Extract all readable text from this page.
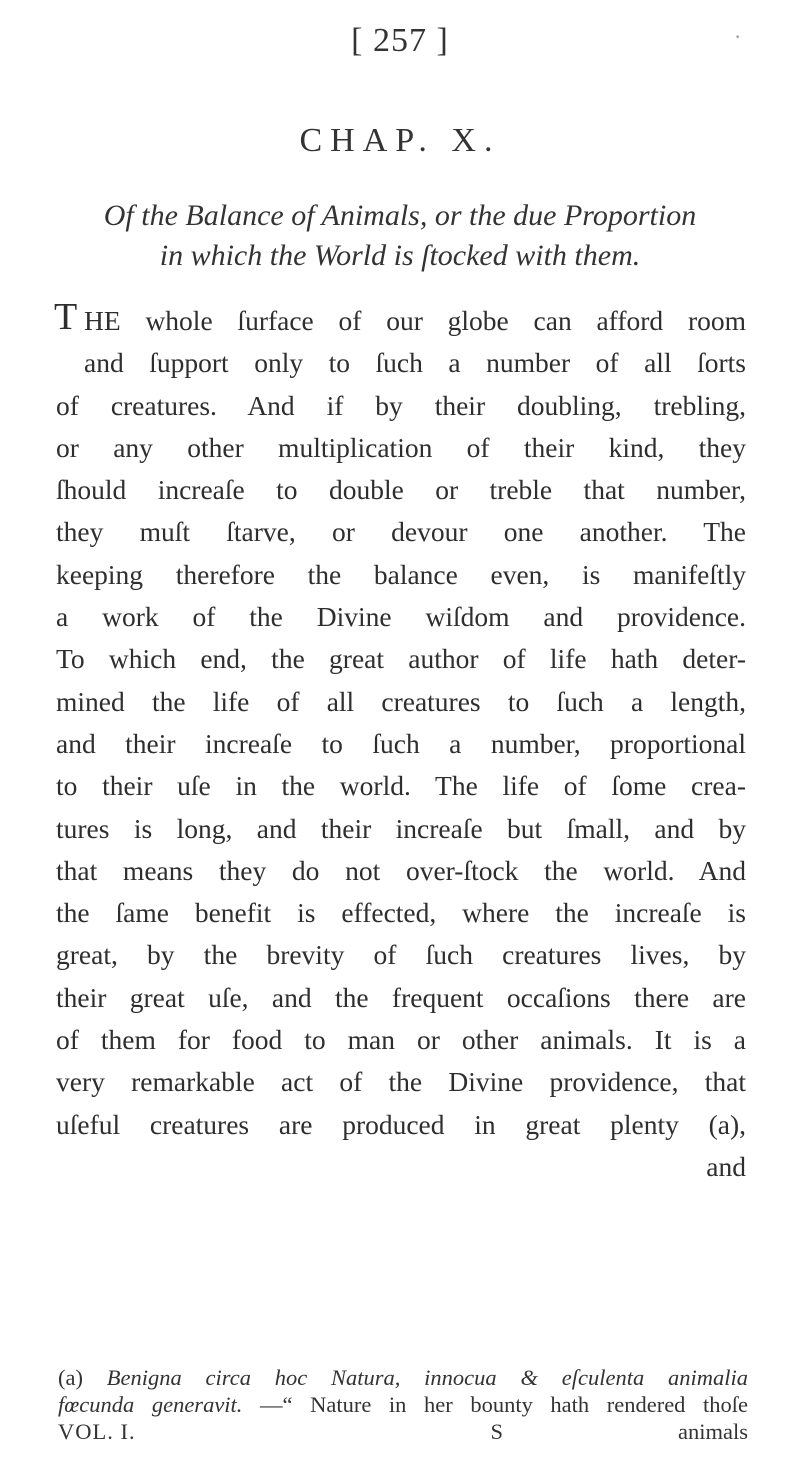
[ 257 ]	·
CHAP. X.
Of the Balance of Animals, or the due Proportion
in which the World is ſtocked with them.
T HE whole ſurface of our globe can afford room
and ſupport only to ſuch a number of all ſorts
of creatures. And if by their doubling, trebling,
or any other multiplication of their kind, they
ſhould increaſe to double or treble that number,
they muſt ſtarve, or devour one another. The
keeping therefore the balance even, is manifeſtly
a work of the Divine wiſdom and providence.
To which end, the great author of life hath deter-
mined the life of all creatures to ſuch a length,
and their increaſe to ſuch a number, proportional
to their uſe in the world. The life of ſome crea-
tures is long, and their increaſe but ſmall, and by
that means they do not over-ſtock the world. And
the ſame benefit is effected, where the increaſe is
great, by the brevity of ſuch creatures lives, by
their great uſe, and the frequent occaſions there are
of them for food to man or other animals. It is a
very remarkable act of the Divine providence, that
uſeful creatures are produced in great plenty (a),
and
(a) Benigna circa hoc Natura, innocua & eſculenta animalia
fœcunda generavit. —“ Nature in her bounty hath rendered thoſe
VOL. I.	S	animals
